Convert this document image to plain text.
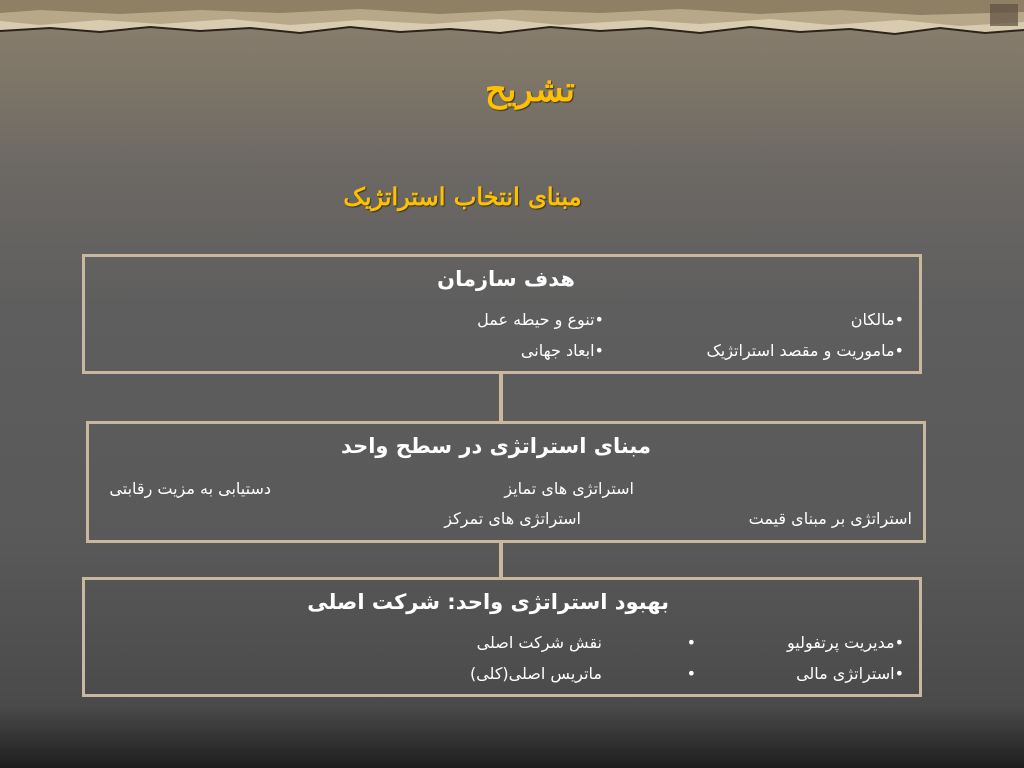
تشریح
مبنای انتخاب استراتژیک
هدف سازمان
•مالکان
•ماموریت و مقصد استراتژیک
•تنوع و حیطه عمل
•ابعاد جهانی
مبنای استراتژی در سطح واحد
استراتژی های تمایز
دستیابی به مزیت رقابتی
استراتژی بر مبنای قیمت
استراتژی های تمرکز
بهبود استراتژی واحد: شرکت اصلی
•مدیریت پرتفولیو
•استراتژی مالی
•
•
نقش شرکت اصلی
ماتریس اصلی(کلی)
